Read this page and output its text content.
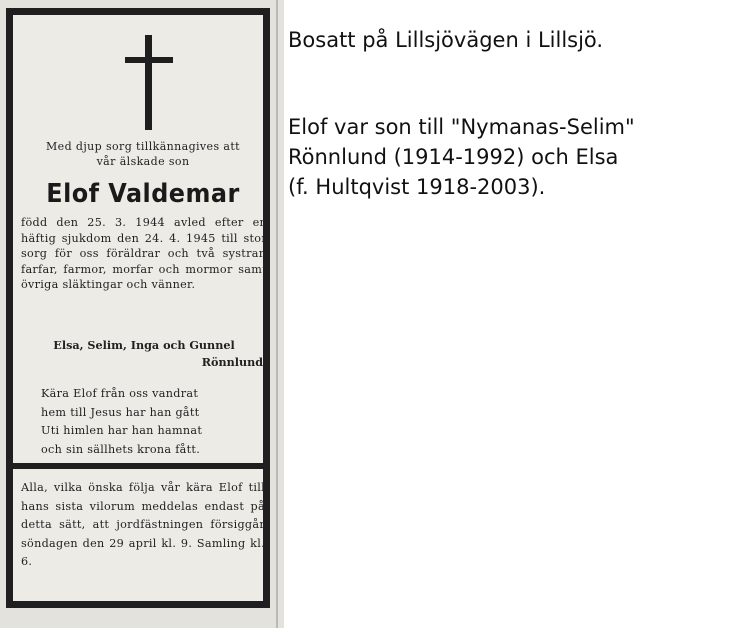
Med djup sorg tillkännagives att
vår älskade son
Elof Valdemar
född den 25. 3. 1944 avled efter en häftig sjukdom den 24. 4. 1945 till stor sorg för oss föräldrar och två systrar, farfar, farmor, morfar och mormor samt övriga släktingar och vänner.
Elsa, Selim, Inga och Gunnel
Rönnlund.
Kära Elof från oss vandrat
hem till Jesus har han gått
Uti himlen har han hamnat
och sin sällhets krona fått.
Alla, vilka önska följa vår kära Elof till hans sista vilorum meddelas endast på detta sätt, att jordfästningen försiggår söndagen den 29 april kl. 9. Samling kl. 6.

Bosatt på Lillsjövägen i Lillsjö.

Elof var son till "Nymanas-Selim"
Rönnlund (1914-1992) och Elsa
(f. Hultqvist 1918-2003).
